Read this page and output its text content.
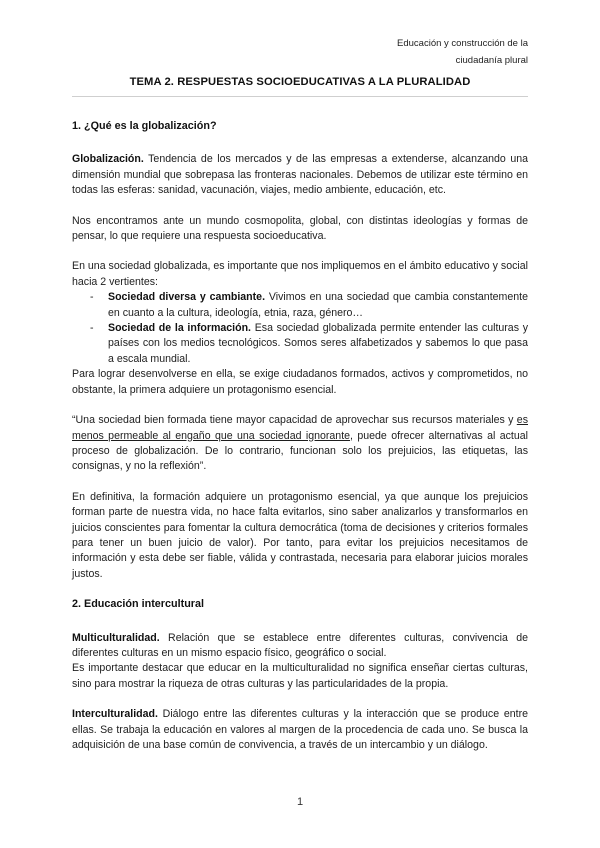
Educación y construcción de la
ciudadanía plural
TEMA 2. RESPUESTAS SOCIOEDUCATIVAS A LA PLURALIDAD

1. ¿Qué es la globalización?

Globalización. Tendencia de los mercados y de las empresas a extenderse, alcanzando una dimensión mundial que sobrepasa las fronteras nacionales. Debemos de utilizar este término en todas las esferas: sanidad, vacunación, viajes, medio ambiente, educación, etc.

Nos encontramos ante un mundo cosmopolita, global, con distintas ideologías y formas de pensar, lo que requiere una respuesta socioeducativa.

En una sociedad globalizada, es importante que nos impliquemos en el ámbito educativo y social hacia 2 vertientes:

- Sociedad diversa y cambiante. Vivimos en una sociedad que cambia constantemente en cuanto a la cultura, ideología, etnia, raza, género…
- Sociedad de la información. Esa sociedad globalizada permite entender las culturas y países con los medios tecnológicos. Somos seres alfabetizados y sabemos lo que pasa a escala mundial.

Para lograr desenvolverse en ella, se exige ciudadanos formados, activos y comprometidos, no obstante, la primera adquiere un protagonismo esencial.

“Una sociedad bien formada tiene mayor capacidad de aprovechar sus recursos materiales y es menos permeable al engaño que una sociedad ignorante, puede ofrecer alternativas al actual proceso de globalización. De lo contrario, funcionan solo los prejuicios, las etiquetas, las consignas, y no la reflexión”.

En definitiva, la formación adquiere un protagonismo esencial, ya que aunque los prejuicios forman parte de nuestra vida, no hace falta evitarlos, sino saber analizarlos y transformarlos en juicios conscientes para fomentar la cultura democrática (toma de decisiones y criterios formales para tener un buen juicio de valor). Por tanto, para evitar los prejuicios necesitamos de información y esta debe ser fiable, válida y contrastada, necesaria para elaborar juicios morales justos.

2. Educación intercultural

Multiculturalidad. Relación que se establece entre diferentes culturas, convivencia de diferentes culturas en un mismo espacio físico, geográfico o social.

Es importante destacar que educar en la multiculturalidad no significa enseñar ciertas culturas, sino para mostrar la riqueza de otras culturas y las particularidades de la propia.

Interculturalidad. Diálogo entre las diferentes culturas y la interacción que se produce entre ellas. Se trabaja la educación en valores al margen de la procedencia de cada uno. Se busca la adquisición de una base común de convivencia, a través de un intercambio y un diálogo.

1
